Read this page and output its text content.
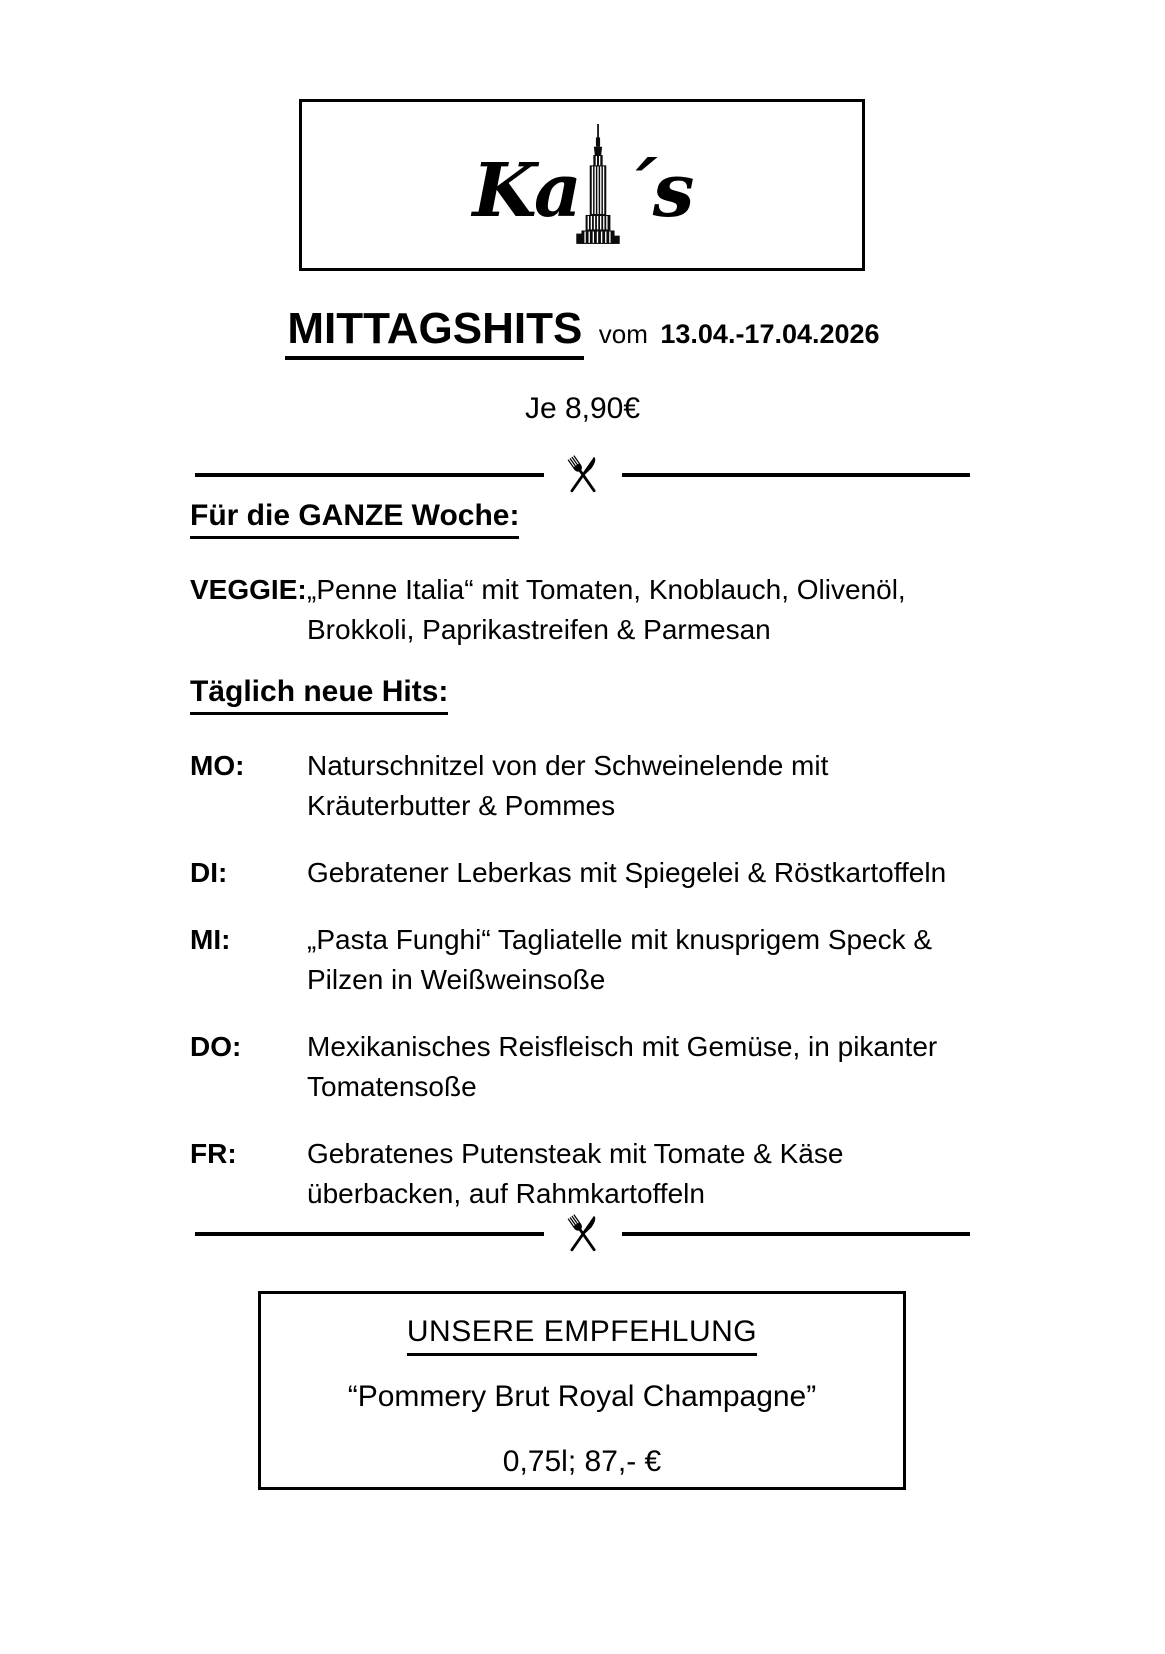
Ka ´s
MITTAGSHITS vom 13.04.-17.04.2026
Je 8,90€
Für die GANZE Woche:
VEGGIE: „Penne Italia“ mit Tomaten, Knoblauch, Olivenöl,
Brokkoli, Paprikastreifen & Parmesan
Täglich neue Hits:
MO:	Naturschnitzel von der Schweinelende mit
Kräuterbutter & Pommes
DI:	Gebratener Leberkas mit Spiegelei & Röstkartoffeln
MI:	„Pasta Funghi“ Tagliatelle mit knusprigem Speck &
Pilzen in Weißweinsoße
DO:	Mexikanisches Reisfleisch mit Gemüse, in pikanter
Tomatensoße
FR:	Gebratenes Putensteak mit Tomate & Käse
überbacken, auf Rahmkartoffeln
UNSERE EMPFEHLUNG
“Pommery Brut Royal Champagne”
0,75l; 87,- €
